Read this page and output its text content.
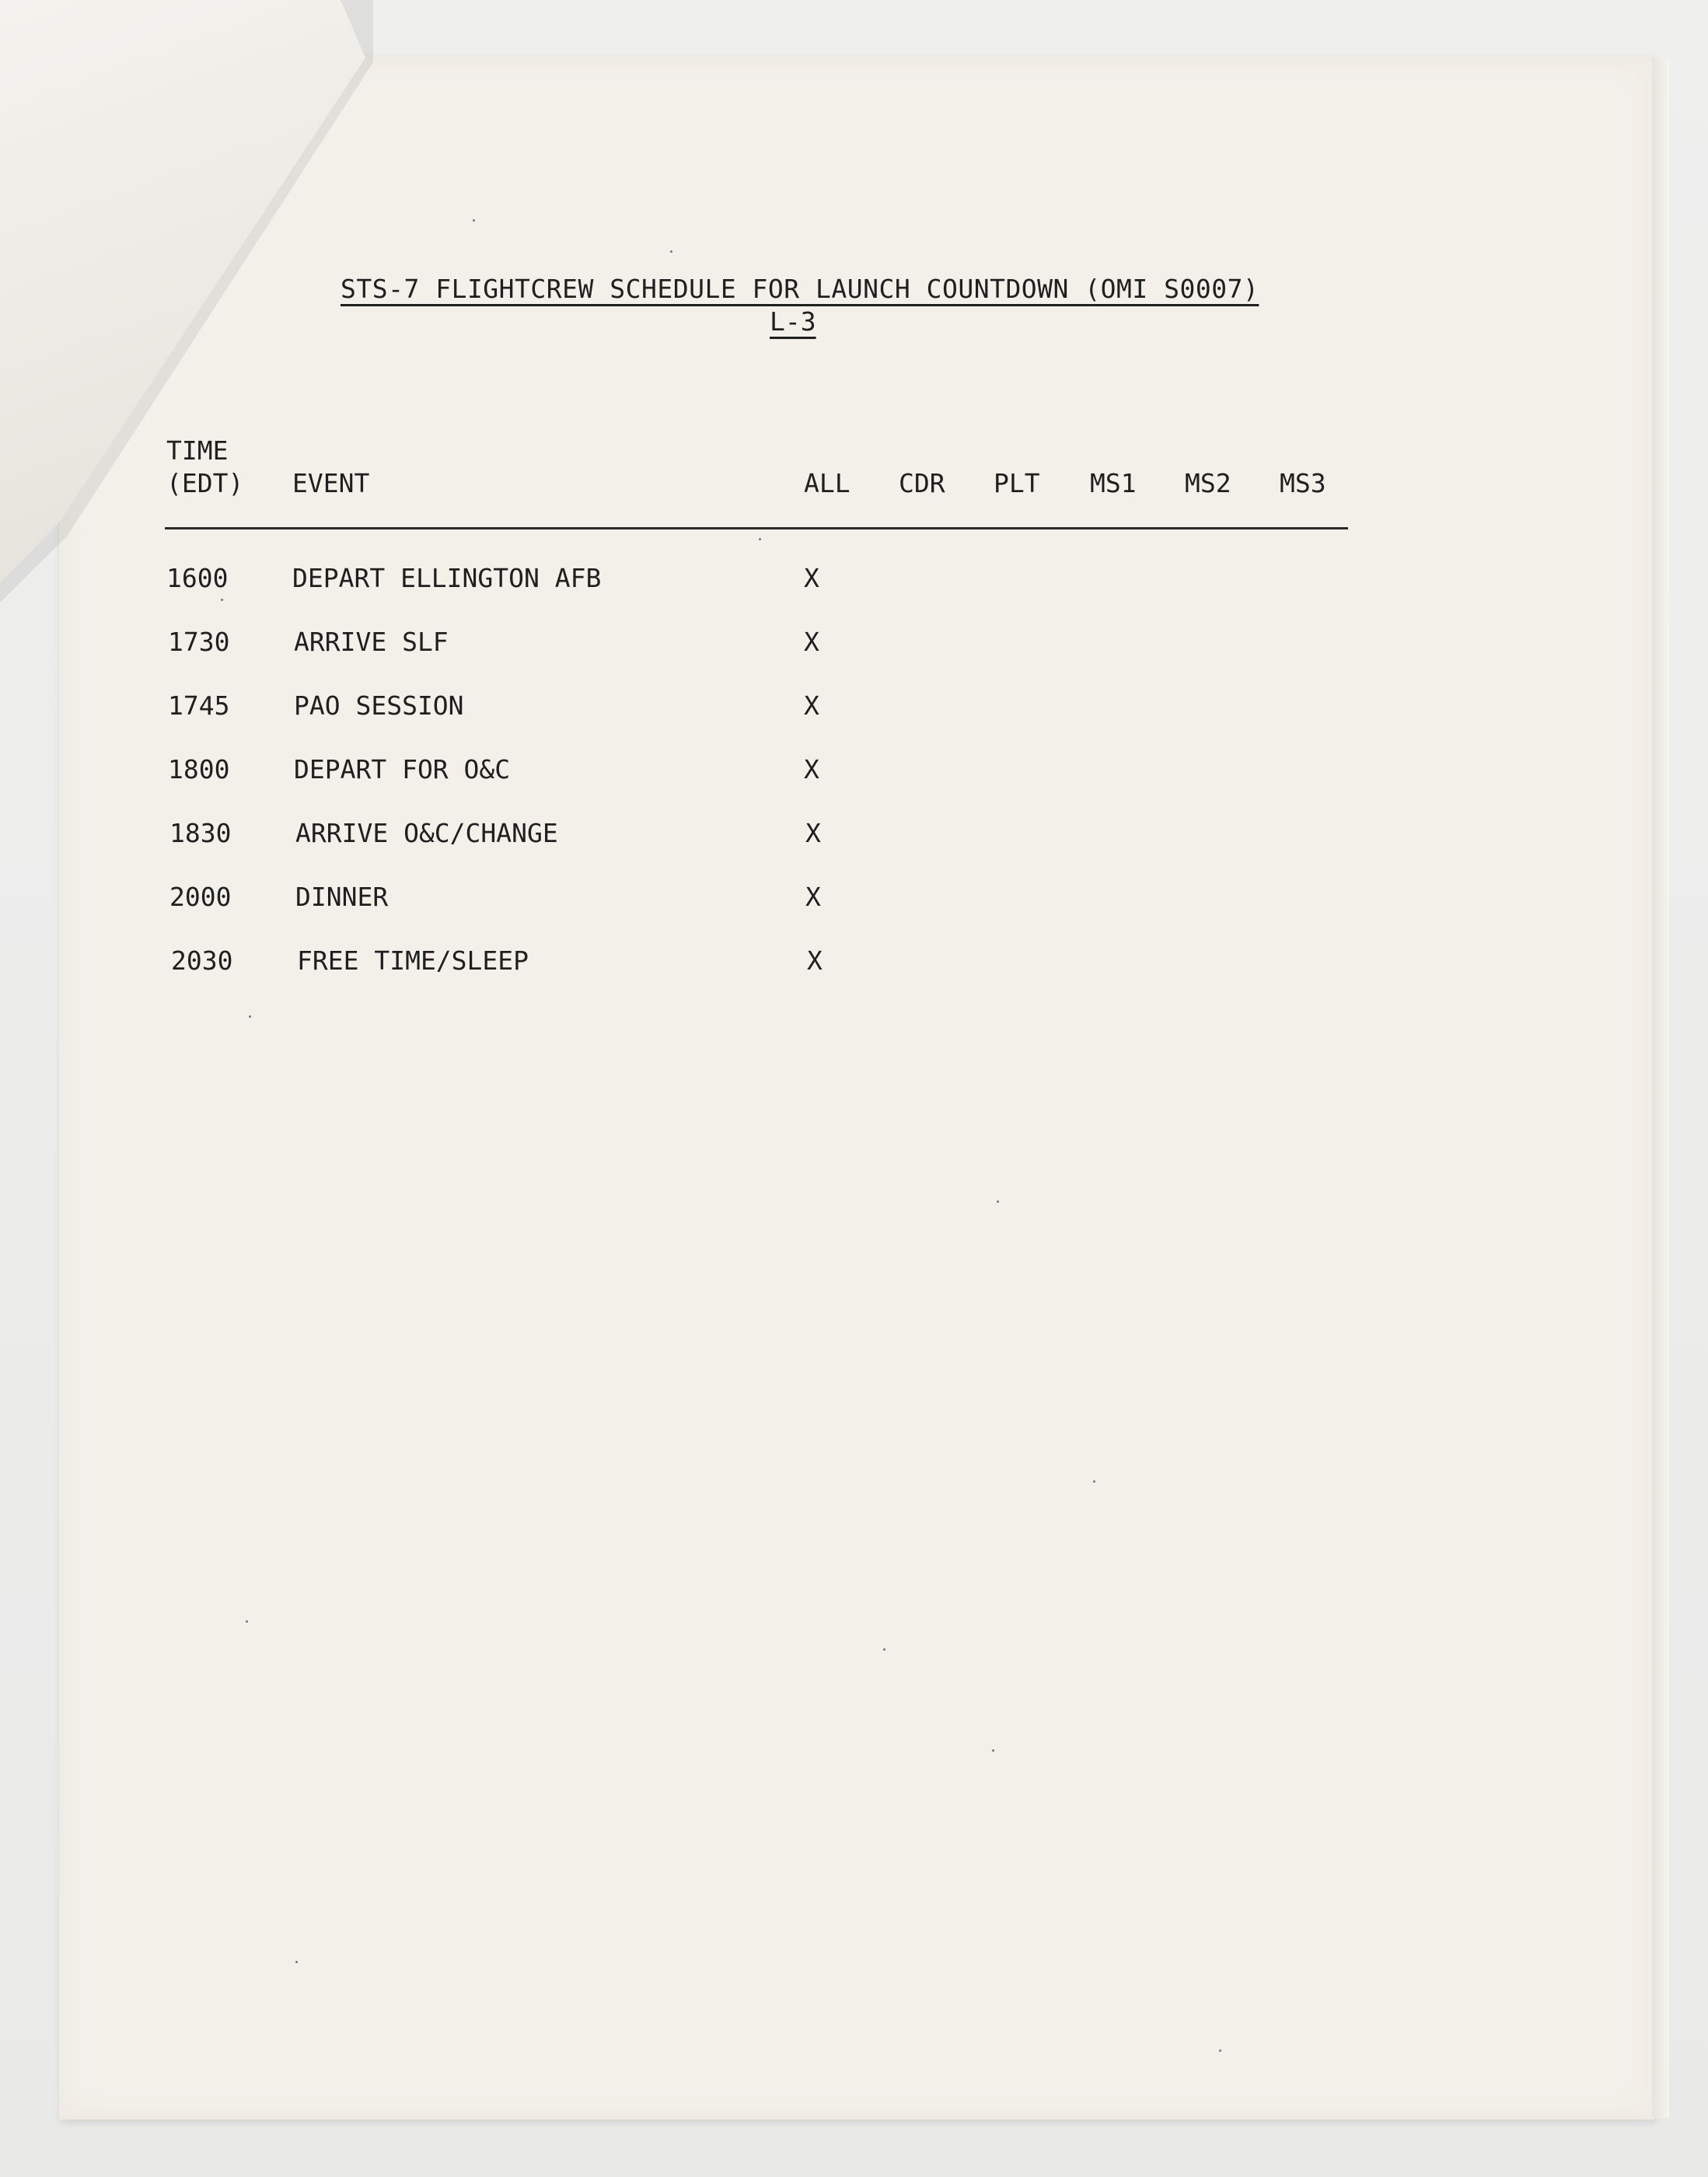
STS-7 FLIGHTCREW SCHEDULE FOR LAUNCH COUNTDOWN (OMI S0007)
L-3
TIME
(EDT) EVENT	ALL CDR PLT MS1 MS2 MS3
1600	DEPART ELLINGTON AFB	X
1730	ARRIVE SLF	X
1745	PAO SESSION	X
1800	DEPART FOR O&C	X
1830	ARRIVE O&C/CHANGE	X
2000	DINNER	X
2030	FREE TIME/SLEEP	X
